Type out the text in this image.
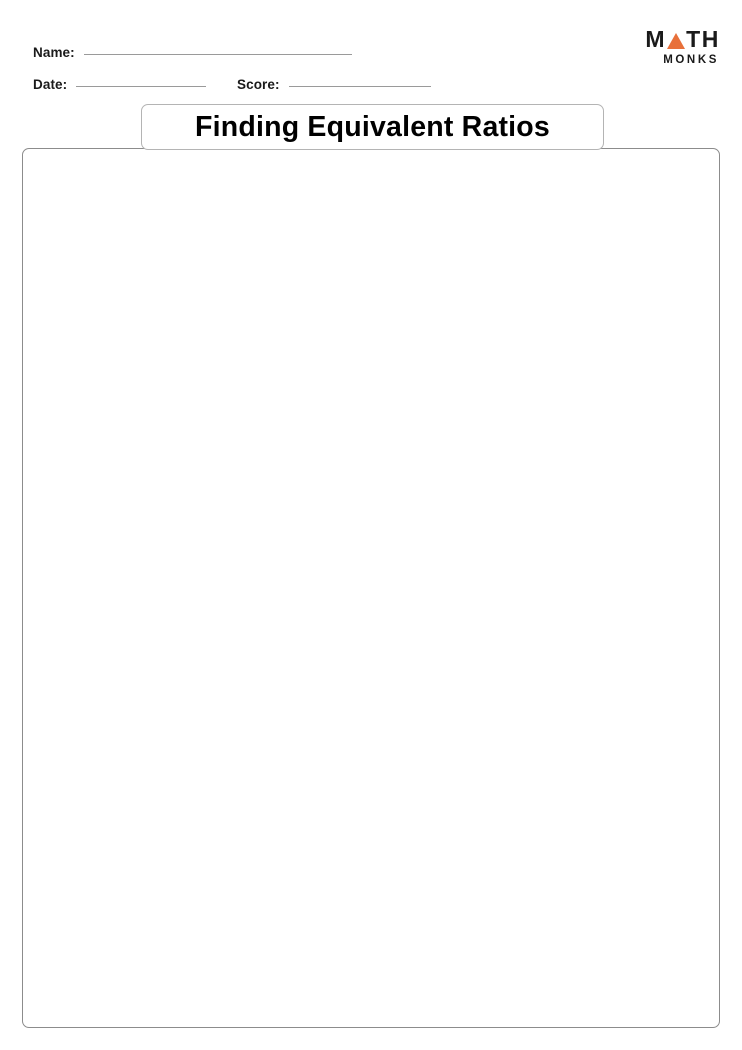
Name:
Date:	Score:
M TH
MONKS
Finding Equivalent Ratios
